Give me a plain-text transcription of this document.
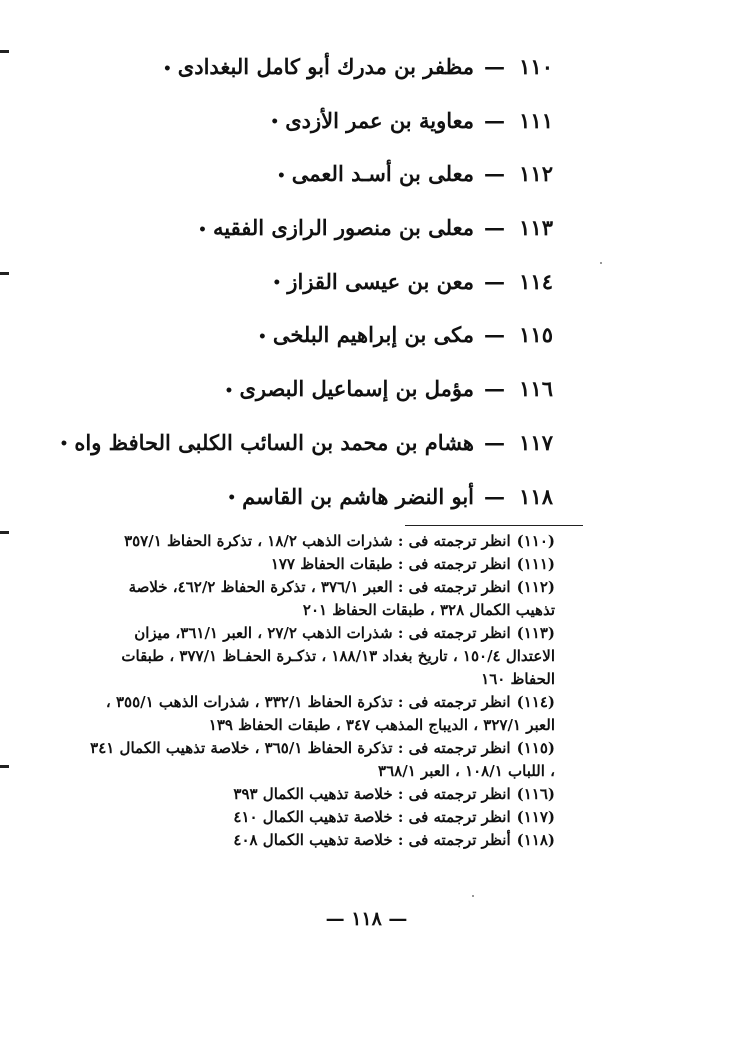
١١٠—مظفر بن مدرك أبو كامل البغدادى•
١١١—معاوية بن عمر الأزدى•
١١٢—معلى بن أسـد العمى•
١١٣—معلى بن منصور الرازى الفقيه•
١١٤—معن بن عيسى القزاز•
١١٥—مكى بن إبراهيم البلخى•
١١٦—مؤمل بن إسماعيل البصرى•
١١٧—هشام بن محمد بن السائب الكلبى الحافظ واه•
١١٨—أبو النضر هاشم بن القاسم•
(١١٠)انظر ترجمته فى : شذرات الذهب ١٨/٢ ، تذكرة الحفاظ ٣٥٧/١
(١١١)انظر ترجمته فى : طبقات الحفاظ ١٧٧
(١١٢)انظر ترجمته فى : العبر ٣٧٦/١ ، تذكرة الحفاظ ٤٦٢/٢، خلاصة تذهيب الكمال ٣٢٨ ، طبقات الحفاظ ٢٠١
(١١٣)انظر ترجمته فى : شذرات الذهب ٢٧/٢ ، العبر ٣٦١/١، ميزان الاعتدال ١٥٠/٤ ، تاريخ بغداد ١٨٨/١٣ ، تذكـرة الحفـاظ ٣٧٧/١ ، طبقات الحفاظ ١٦٠
(١١٤)انظر ترجمته فى : تذكرة الحفاظ ٣٣٢/١ ، شذرات الذهب ٣٥٥/١ ، العبر ٣٢٧/١ ، الديباج المذهب ٣٤٧ ، طبقات الحفاظ ١٣٩
(١١٥)انظر ترجمته فى : تذكرة الحفاظ ٣٦٥/١ ، خلاصة تذهيب الكمال ٣٤١ ، اللباب ١٠٨/١ ، العبر ٣٦٨/١
(١١٦)انظر ترجمته فى : خلاصة تذهيب الكمال ٣٩٣
(١١٧)انظر ترجمته فى : خلاصة تذهيب الكمال ٤١٠
(١١٨)أنظر ترجمته فى : خلاصة تذهيب الكمال ٤٠٨
— ١١٨ —
